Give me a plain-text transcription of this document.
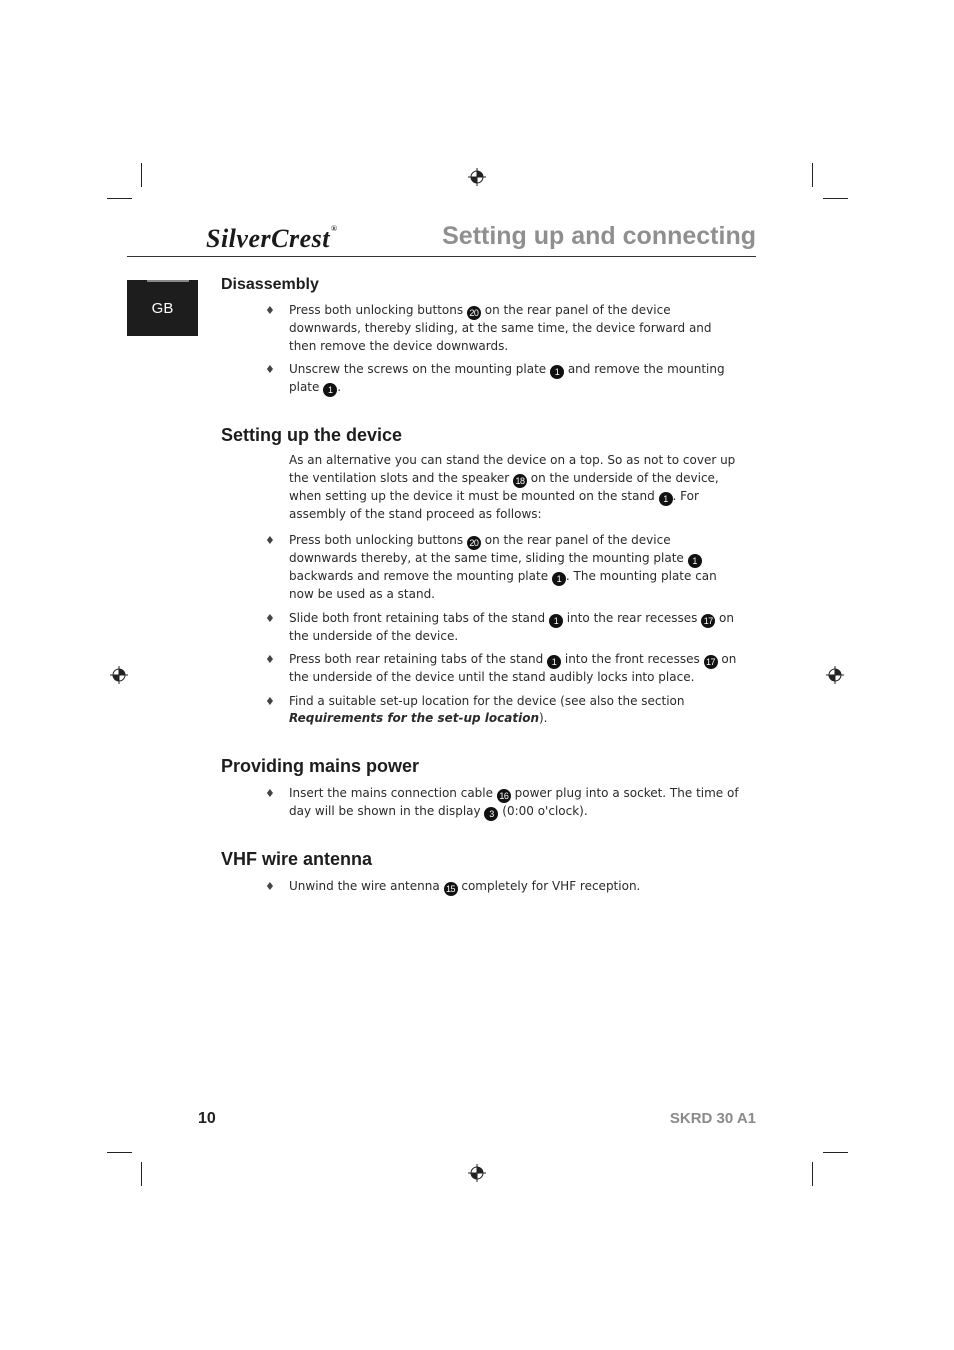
SilverCrest®	Setting up and connecting
GB
Disassembly
♦ Press both unlocking buttons 20 on the rear panel of the device downwards, thereby sliding, at the same time, the device forward and then remove the device downwards.
♦ Unscrew the screws on the mounting plate 1 and remove the mounting plate 1 .
Setting up the device

As an alternative you can stand the device on a top. So as not to cover up the ventilation slots and the speaker 18 on the underside of the device, when setting up the device it must be mounted on the stand 1 . For assembly of the stand proceed as follows:

♦ Press both unlocking buttons 20 on the rear panel of the device downwards thereby, at the same time, sliding the mounting plate 1 backwards and remove the mounting plate 1 . The mounting plate can now be used as a stand.
♦ Slide both front retaining tabs of the stand 1 into the rear recesses 17 on the underside of the device.
♦ Press both rear retaining tabs of the stand 1 into the front recesses 17 on the underside of the device until the stand audibly locks into place.
♦ Find a suitable set-up location for the device (see also the section Requirements for the set-up location).
Providing mains power
♦ Insert the mains connection cable 16 power plug into a socket. The time of day will be shown in the display 3 (0:00 o'clock).
VHF wire antenna
♦ Unwind the wire antenna 15 completely for VHF reception.
10	SKRD 30 A1
